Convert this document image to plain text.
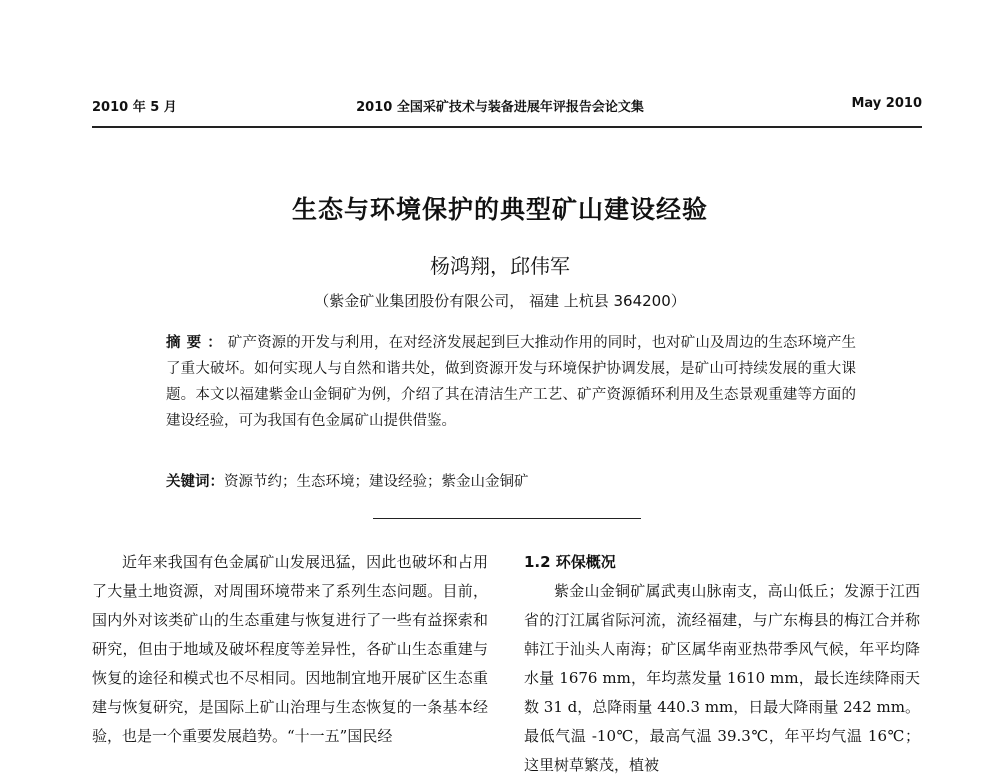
2010 年 5 月	2010 全国采矿技术与装备进展年评报告会论文集	May 2010
生态与环境保护的典型矿山建设经验
杨鸿翔，邱伟军
（紫金矿业集团股份有限公司， 福建 上杭县 364200）
摘要：矿产资源的开发与利用，在对经济发展起到巨大推动作用的同时，也对矿山及周边的生态环境产生了重大破坏。如何实现人与自然和谐共处，做到资源开发与环境保护协调发展，是矿山可持续发展的重大课题。本文以福建紫金山金铜矿为例，介绍了其在清洁生产工艺、矿产资源循环利用及生态景观重建等方面的建设经验，可为我国有色金属矿山提供借鉴。
关键词：资源节约；生态环境；建设经验；紫金山金铜矿

近年来我国有色金属矿山发展迅猛，因此也破坏和占用了大量土地资源，对周围环境带来了系列生态问题。目前，国内外对该类矿山的生态重建与恢复进行了一些有益探索和研究，但由于地域及破坏程度等差异性，各矿山生态重建与恢复的途径和模式也不尽相同。因地制宜地开展矿区生态重建与恢复研究，是国际上矿山治理与生态恢复的一条基本经验，也是一个重要发展趋势。“十一五”国民经

1.2 环保概况

紫金山金铜矿属武夷山脉南支，高山低丘；发源于江西省的汀江属省际河流，流经福建，与广东梅县的梅江合并称韩江于汕头人南海；矿区属华南亚热带季风气候，年平均降水量 1676 mm，年均蒸发量 1610 mm，最长连续降雨天数 31 d，总降雨量 440.3 mm，日最大降雨量 242 mm。最低气温 -10℃，最高气温 39.3℃，年平均气温 16℃；这里树草繁茂，植被
